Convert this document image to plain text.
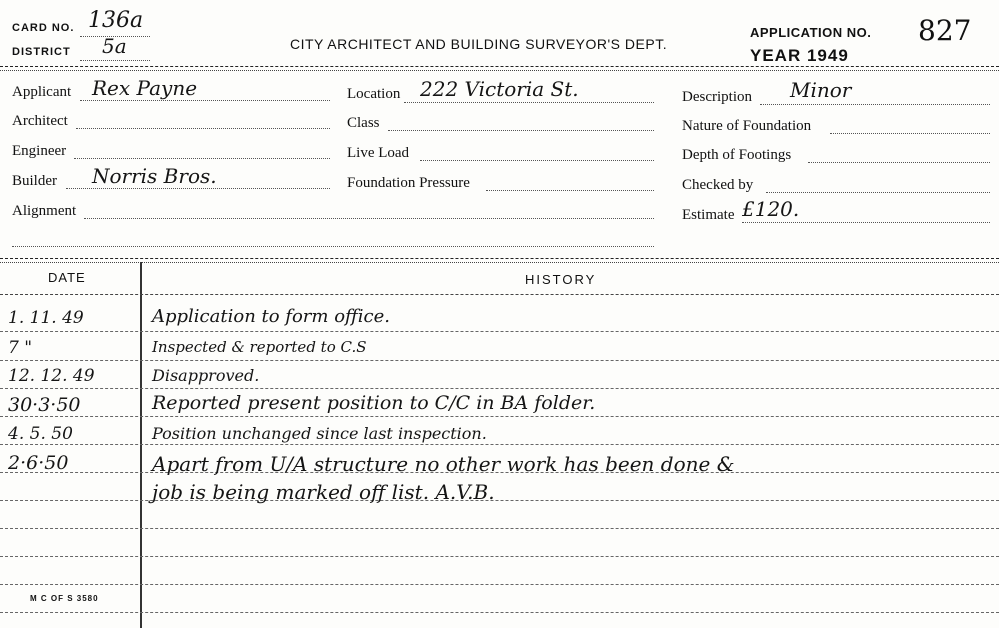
CARD NO. 136a
DISTRICT 5a	CITY ARCHITECT AND BUILDING SURVEYOR'S DEPT.
APPLICATION NO. 827
YEAR 1949
Applicant Rex Payne
Architect
Engineer
Builder Norris Bros.
Alignment
Location 222 Victoria St.
Class
Live Load
Foundation Pressure
Description Minor
Nature of Foundation
Depth of Footings
Checked by
Estimate £120.
DATE	HISTORY
1. 11. 49	Application to form office.
7 "	Inspected & reported to C.S
12. 12. 49	Disapproved.
30·3·50	Reported present position to C/C in BA folder.
4. 5. 50	Position unchanged since last inspection.
2·6·50	Apart from U/A structure no other work has been done &
job is being marked off list. A.V.B.
M C OF S 3580
